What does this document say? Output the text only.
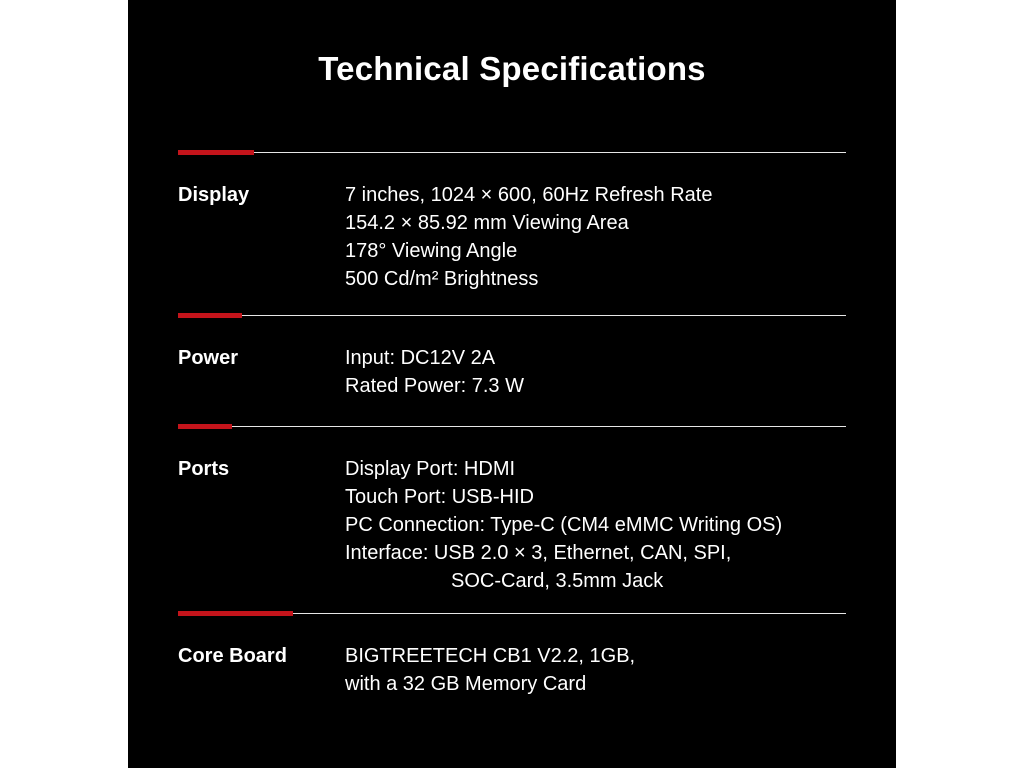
Technical Specifications
Display	7 inches, 1024 × 600, 60Hz Refresh Rate
154.2 × 85.92 mm Viewing Area
178° Viewing Angle
500 Cd/m² Brightness
Power	Input: DC12V 2A
Rated Power: 7.3 W
Ports	Display Port: HDMI
Touch Port: USB-HID
PC Connection: Type-C (CM4 eMMC Writing OS)
Interface: USB 2.0 × 3, Ethernet, CAN, SPI,
SOC-Card, 3.5mm Jack
Core Board	BIGTREETECH CB1 V2.2, 1GB,
with a 32 GB Memory Card
